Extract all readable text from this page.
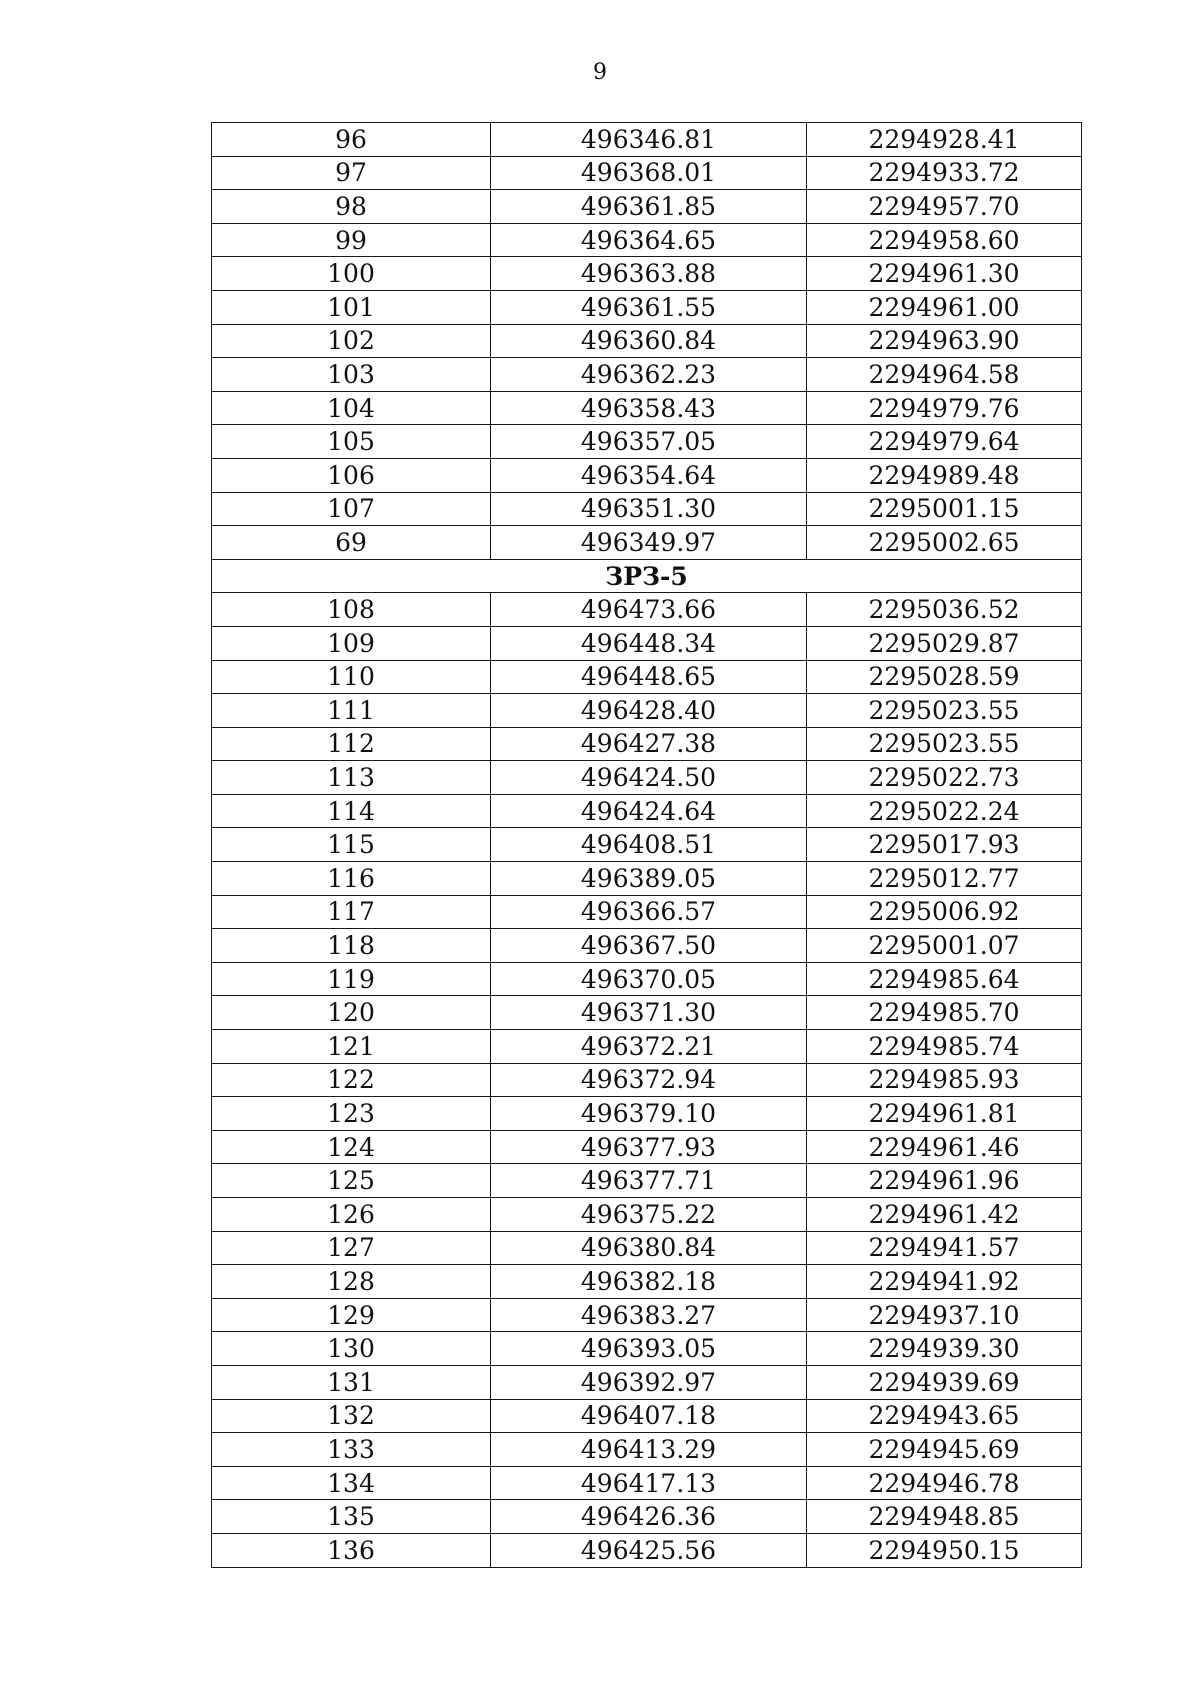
9
96	496346.81	2294928.41
97	496368.01	2294933.72
98	496361.85	2294957.70
99	496364.65	2294958.60
100	496363.88	2294961.30
101	496361.55	2294961.00
102	496360.84	2294963.90
103	496362.23	2294964.58
104	496358.43	2294979.76
105	496357.05	2294979.64
106	496354.64	2294989.48
107	496351.30	2295001.15
69	496349.97	2295002.65
ЗРЗ-5		
108	496473.66	2295036.52
109	496448.34	2295029.87
110	496448.65	2295028.59
111	496428.40	2295023.55
112	496427.38	2295023.55
113	496424.50	2295022.73
114	496424.64	2295022.24
115	496408.51	2295017.93
116	496389.05	2295012.77
117	496366.57	2295006.92
118	496367.50	2295001.07
119	496370.05	2294985.64
120	496371.30	2294985.70
121	496372.21	2294985.74
122	496372.94	2294985.93
123	496379.10	2294961.81
124	496377.93	2294961.46
125	496377.71	2294961.96
126	496375.22	2294961.42
127	496380.84	2294941.57
128	496382.18	2294941.92
129	496383.27	2294937.10
130	496393.05	2294939.30
131	496392.97	2294939.69
132	496407.18	2294943.65
133	496413.29	2294945.69
134	496417.13	2294946.78
135	496426.36	2294948.85
136	496425.56	2294950.15
